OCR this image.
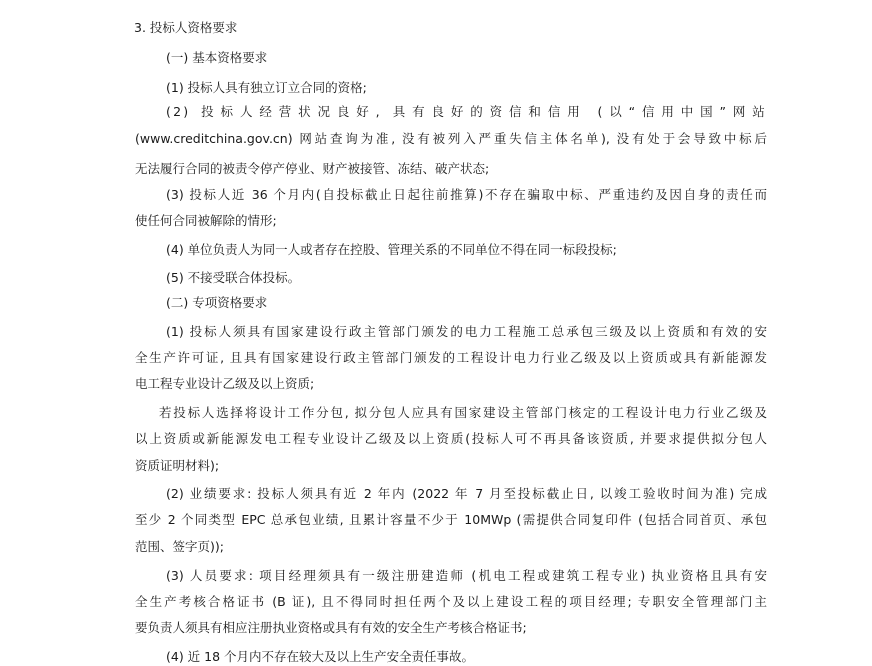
3. 投标人资格要求
(一) 基本资格要求
(1) 投标人具有独立订立合同的资格;
(2) 投标人经营状况良好, 具有良好的资信和信用 (以“信用中国”网站
(www.creditchina.gov.cn) 网站查询为准, 没有被列入严重失信主体名单), 没有处于会导致中标后
无法履行合同的被责令停产停业、财产被接管、冻结、破产状态;
(3) 投标人近 36 个月内(自投标截止日起往前推算)不存在骗取中标、严重违约及因自身的责任而
使任何合同被解除的情形;
(4) 单位负责人为同一人或者存在控股、管理关系的不同单位不得在同一标段投标;
(5) 不接受联合体投标。
(二) 专项资格要求
(1) 投标人须具有国家建设行政主管部门颁发的电力工程施工总承包三级及以上资质和有效的安
全生产许可证, 且具有国家建设行政主管部门颁发的工程设计电力行业乙级及以上资质或具有新能源发
电工程专业设计乙级及以上资质;
若投标人选择将设计工作分包, 拟分包人应具有国家建设主管部门核定的工程设计电力行业乙级及
以上资质或新能源发电工程专业设计乙级及以上资质(投标人可不再具备该资质, 并要求提供拟分包人
资质证明材料);
(2) 业绩要求: 投标人须具有近 2 年内 (2022 年 7 月至投标截止日, 以竣工验收时间为准) 完成
至少 2 个同类型 EPC 总承包业绩, 且累计容量不少于 10MWp (需提供合同复印件 (包括合同首页、承包
范围、签字页));
(3) 人员要求: 项目经理须具有一级注册建造师 (机电工程或建筑工程专业) 执业资格且具有安
全生产考核合格证书 (B 证), 且不得同时担任两个及以上建设工程的项目经理; 专职安全管理部门主
要负责人须具有相应注册执业资格或具有有效的安全生产考核合格证书;
(4) 近 18 个月内不存在较大及以上生产安全责任事故。
